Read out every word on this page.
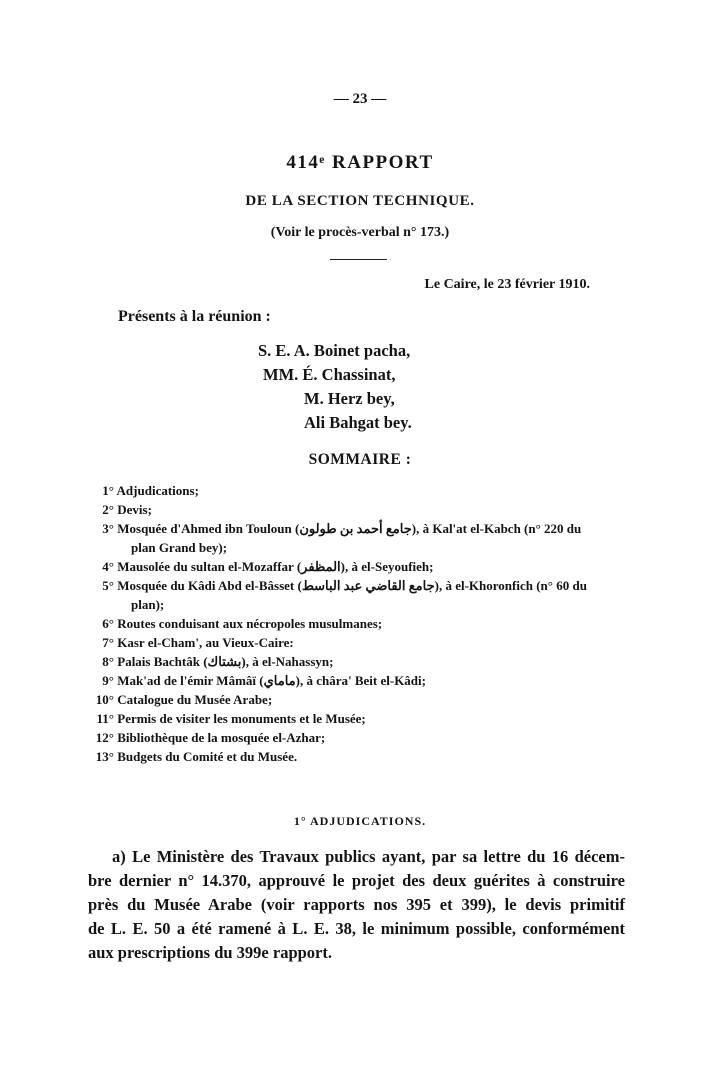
— 23 —
414ᵉ RAPPORT
DE LA SECTION TECHNIQUE.
(Voir le procès-verbal n° 173.)
Le Caire, le 23 février 1910.
Présents à la réunion :
S. E. A. Boinet pacha,
MM. É. Chassinat,
M. Herz bey,
Ali Bahgat bey.
SOMMAIRE :
1° Adjudications;
2° Devis;
3° Mosquée d'Ahmed ibn Touloun (جامع أحمد بن طولون), à Kal'at el-Kabch (n° 220 du
plan Grand bey);
4° Mausolée du sultan el-Mozaffar (المظفر), à el-Seyoufieh;
5° Mosquée du Kâdi Abd el-Bâsset (جامع القاضي عبد الباسط), à el-Khoronfich (n° 60 du
plan);
6° Routes conduisant aux nécropoles musulmanes;
7° Kasr el-Cham', au Vieux-Caire:
8° Palais Bachtâk (بشتاك), à el-Nahassyn;
9° Mak'ad de l'émir Mâmâï (ماماي), à châra' Beit el-Kâdi;
10° Catalogue du Musée Arabe;
11° Permis de visiter les monuments et le Musée;
12° Bibliothèque de la mosquée el-Azhar;
13° Budgets du Comité et du Musée.
1° ADJUDICATIONS.
a) Le Ministère des Travaux publics ayant, par sa lettre du 16 décem-
bre dernier n° 14.370, approuvé le projet des deux guérites à construire
près du Musée Arabe (voir rapports nos 395 et 399), le devis primitif
de L. E. 50 a été ramené à L. E. 38, le minimum possible, conformément
aux prescriptions du 399e rapport.
